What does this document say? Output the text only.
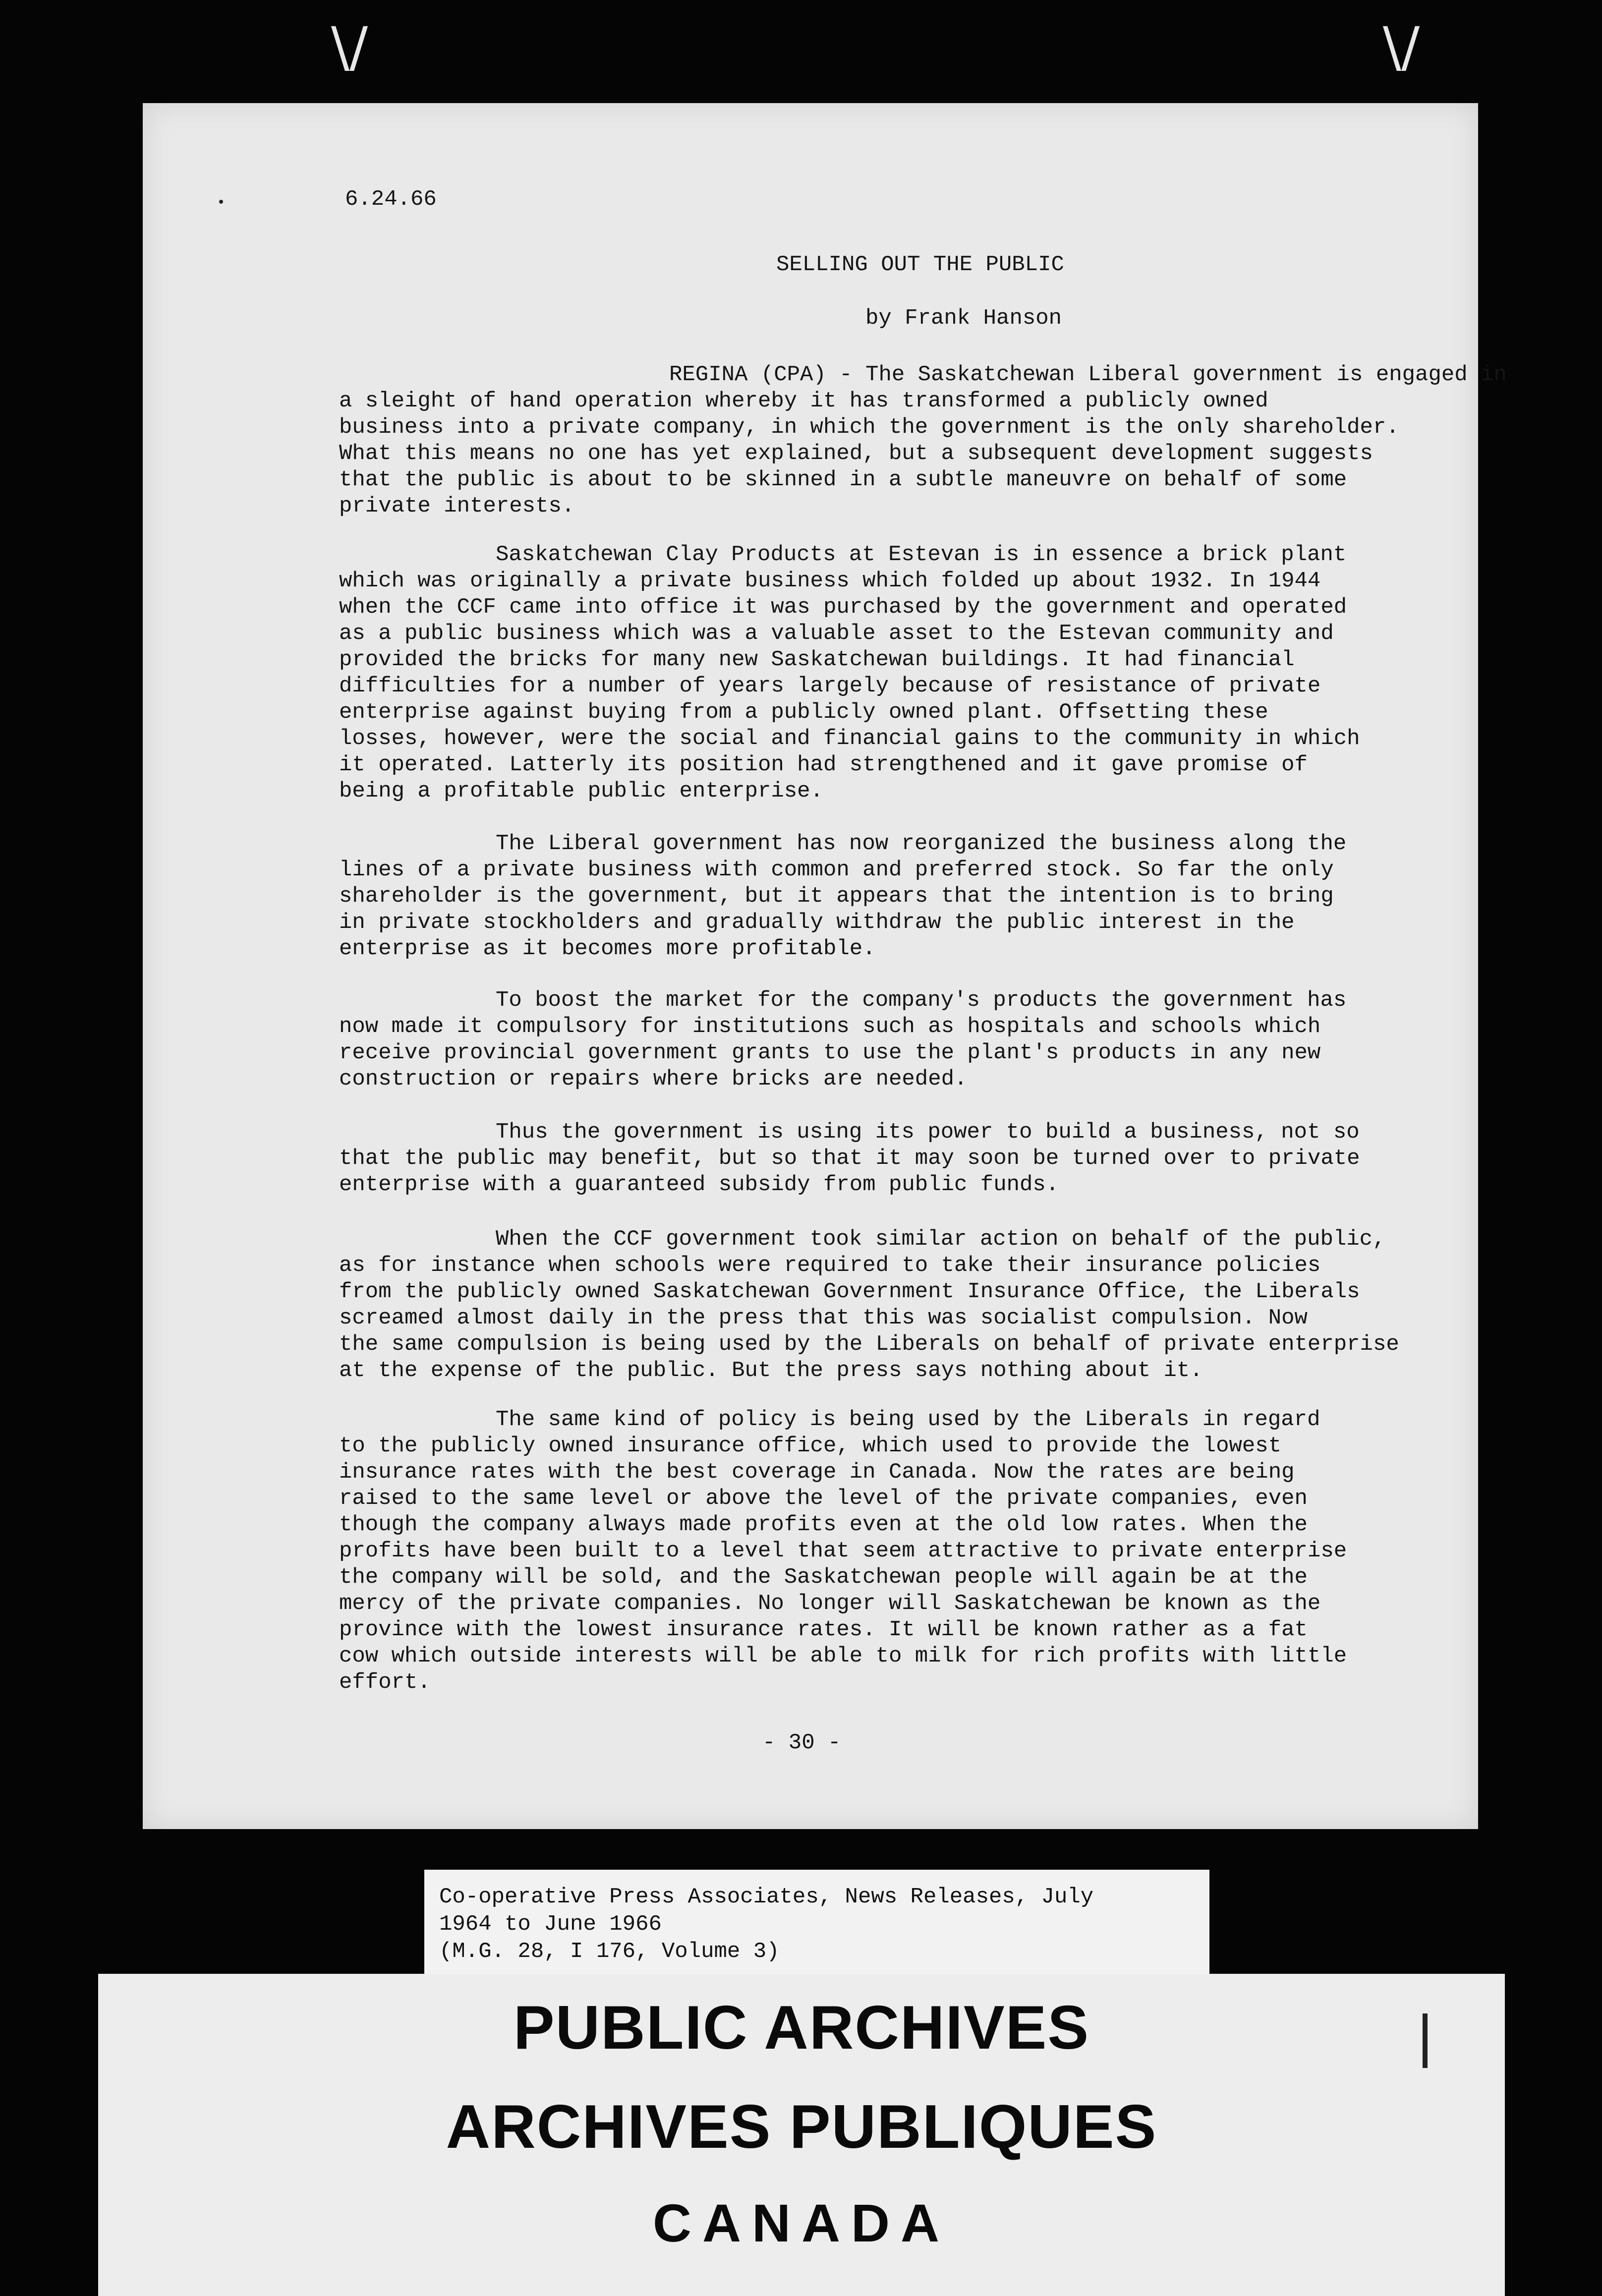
\/	\/
6.24.66
SELLING OUT THE PUBLIC
by Frank Hanson

REGINA (CPA) - The Saskatchewan Liberal government is engaged in
a sleight of hand operation whereby it has transformed a publicly owned
business into a private company, in which the government is the only shareholder.
What this means no one has yet explained, but a subsequent development suggests
that the public is about to be skinned in a subtle maneuvre on behalf of some
private interests.

Saskatchewan Clay Products at Estevan is in essence a brick plant
which was originally a private business which folded up about 1932. In 1944
when the CCF came into office it was purchased by the government and operated
as a public business which was a valuable asset to the Estevan community and
provided the bricks for many new Saskatchewan buildings. It had financial
difficulties for a number of years largely because of resistance of private
enterprise against buying from a publicly owned plant. Offsetting these
losses, however, were the social and financial gains to the community in which
it operated. Latterly its position had strengthened and it gave promise of
being a profitable public enterprise.

The Liberal government has now reorganized the business along the
lines of a private business with common and preferred stock. So far the only
shareholder is the government, but it appears that the intention is to bring
in private stockholders and gradually withdraw the public interest in the
enterprise as it becomes more profitable.

To boost the market for the company's products the government has
now made it compulsory for institutions such as hospitals and schools which
receive provincial government grants to use the plant's products in any new
construction or repairs where bricks are needed.

Thus the government is using its power to build a business, not so
that the public may benefit, but so that it may soon be turned over to private
enterprise with a guaranteed subsidy from public funds.

When the CCF government took similar action on behalf of the public,
as for instance when schools were required to take their insurance policies
from the publicly owned Saskatchewan Government Insurance Office, the Liberals
screamed almost daily in the press that this was socialist compulsion. Now
the same compulsion is being used by the Liberals on behalf of private enterprise
at the expense of the public. But the press says nothing about it.

The same kind of policy is being used by the Liberals in regard
to the publicly owned insurance office, which used to provide the lowest
insurance rates with the best coverage in Canada. Now the rates are being
raised to the same level or above the level of the private companies, even
though the company always made profits even at the old low rates. When the
profits have been built to a level that seem attractive to private enterprise
the company will be sold, and the Saskatchewan people will again be at the
mercy of the private companies. No longer will Saskatchewan be known as the
province with the lowest insurance rates. It will be known rather as a fat
cow which outside interests will be able to milk for rich profits with little
effort.

- 30 -

Co-operative Press Associates, News Releases, July
1964 to June 1966
(M.G. 28, I 176, Volume 3)

PUBLIC ARCHIVES
ARCHIVES PUBLIQUES
CANADA
